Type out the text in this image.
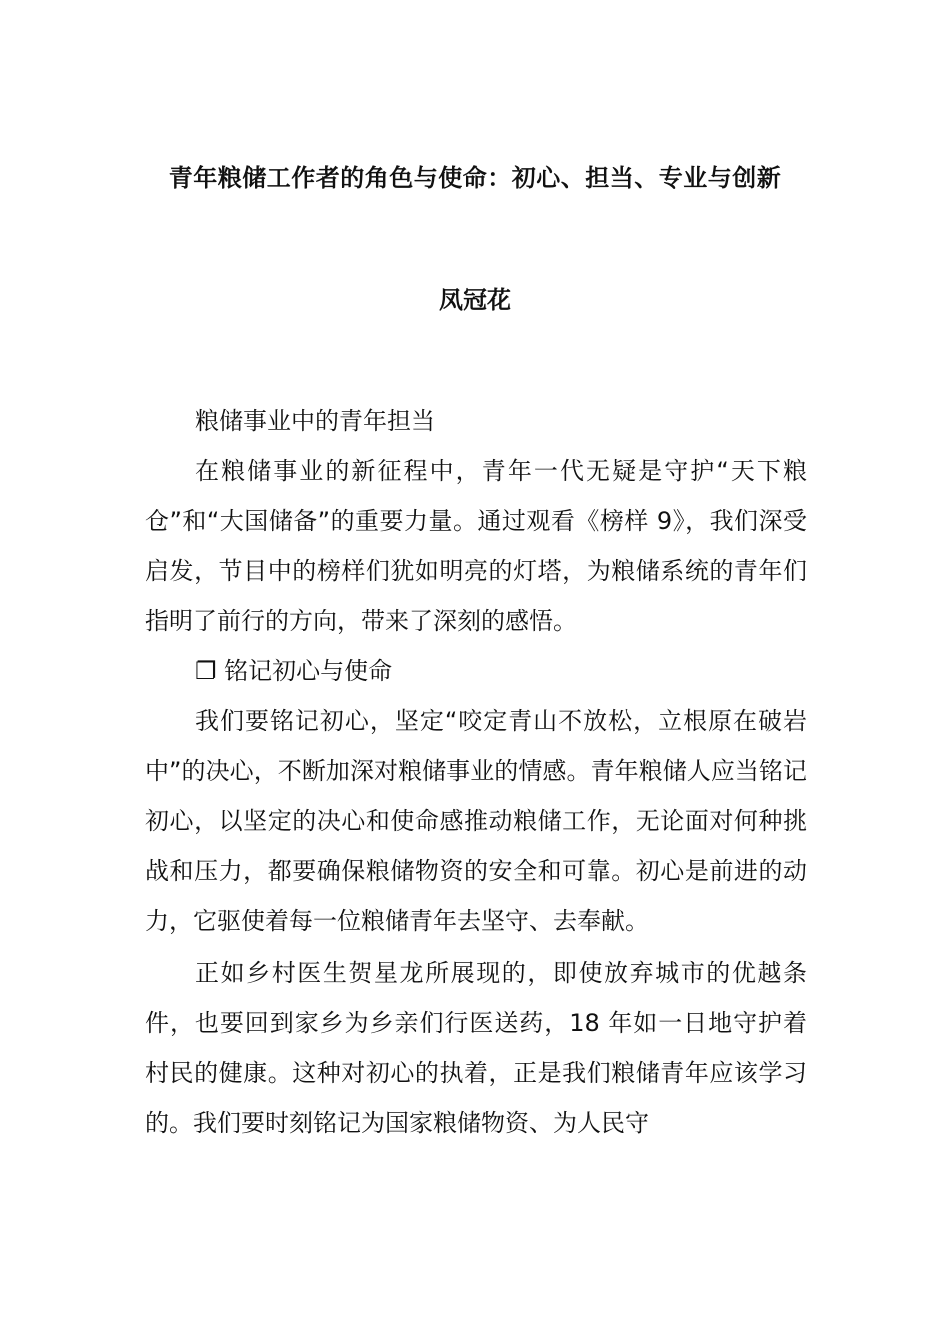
青年粮储工作者的角色与使命：初心、担当、专业与创新
凤冠花

粮储事业中的青年担当

在粮储事业的新征程中，青年一代无疑是守护“天下粮仓”和“大国储备”的重要力量。通过观看《榜样 9》，我们深受启发，节目中的榜样们犹如明亮的灯塔，为粮储系统的青年们指明了前行的方向，带来了深刻的感悟。

❐ 铭记初心与使命

我们要铭记初心，坚定“咬定青山不放松，立根原在破岩中”的决心，不断加深对粮储事业的情感。青年粮储人应当铭记初心，以坚定的决心和使命感推动粮储工作，无论面对何种挑战和压力，都要确保粮储物资的安全和可靠。初心是前进的动力，它驱使着每一位粮储青年去坚守、去奉献。

正如乡村医生贺星龙所展现的，即使放弃城市的优越条件，也要回到家乡为乡亲们行医送药，18 年如一日地守护着村民的健康。这种对初心的执着，正是我们粮储青年应该学习的。我们要时刻铭记为国家粮储物资、为人民守
